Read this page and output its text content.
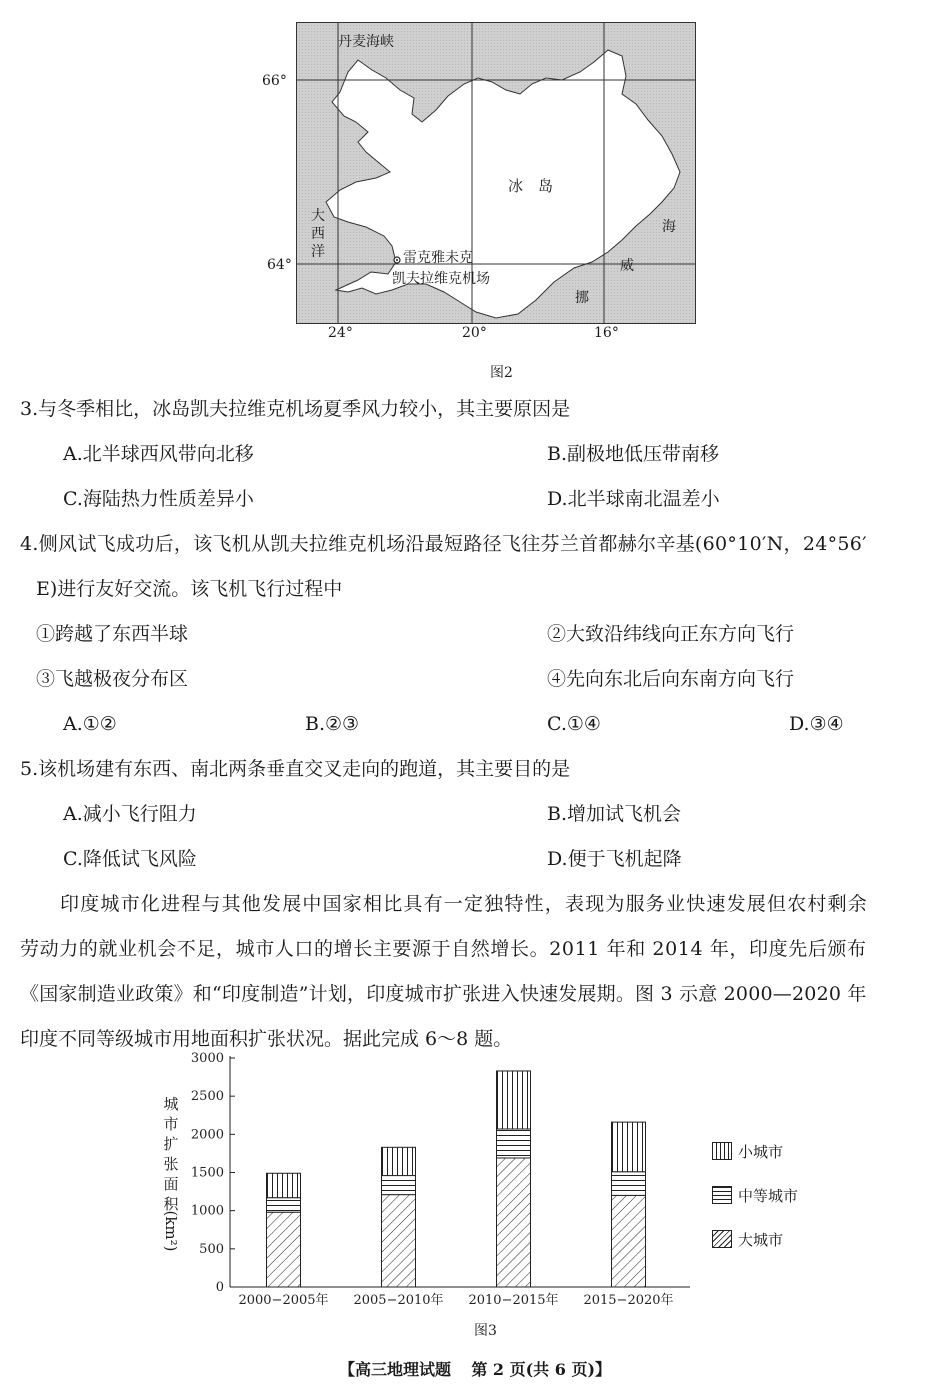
66°
64°
24°	20°	16°
丹麦海峡
冰　岛
大
西
洋
海
威
挪
雷克雅未克
凯夫拉维克机场
图2
3.与冬季相比，冰岛凯夫拉维克机场夏季风力较小，其主要原因是
A.北半球西风带向北移	B.副极地低压带南移
C.海陆热力性质差异小	D.北半球南北温差小
4.侧风试飞成功后，该飞机从凯夫拉维克机场沿最短路径飞往芬兰首都赫尔辛基(60°10′N，24°56′
E)进行友好交流。该飞机飞行过程中
①跨越了东西半球	②大致沿纬线向正东方向飞行
③飞越极夜分布区	④先向东北后向东南方向飞行
A.①②	B.②③	C.①④	D.③④
5.该机场建有东西、南北两条垂直交叉走向的跑道，其主要目的是
A.减小飞行阻力	B.增加试飞机会
C.降低试飞风险	D.便于飞机起降
印度城市化进程与其他发展中国家相比具有一定独特性，表现为服务业快速发展但农村剩余
劳动力的就业机会不足，城市人口的增长主要源于自然增长。2011 年和 2014 年，印度先后颁布
《国家制造业政策》和“印度制造”计划，印度城市扩张进入快速发展期。图 3 示意 2000—2020 年
印度不同等级城市用地面积扩张状况。据此完成 6～8 题。
0
500
1000
1500
2000
2500
3000
2000−2005年 2005−2010年 2010−2015年 2015−2020年
城
市
扩
张
面
积
(km²)
小城市
中等城市
大城市
图3
【高三地理试题 第 2 页(共 6 页)】
